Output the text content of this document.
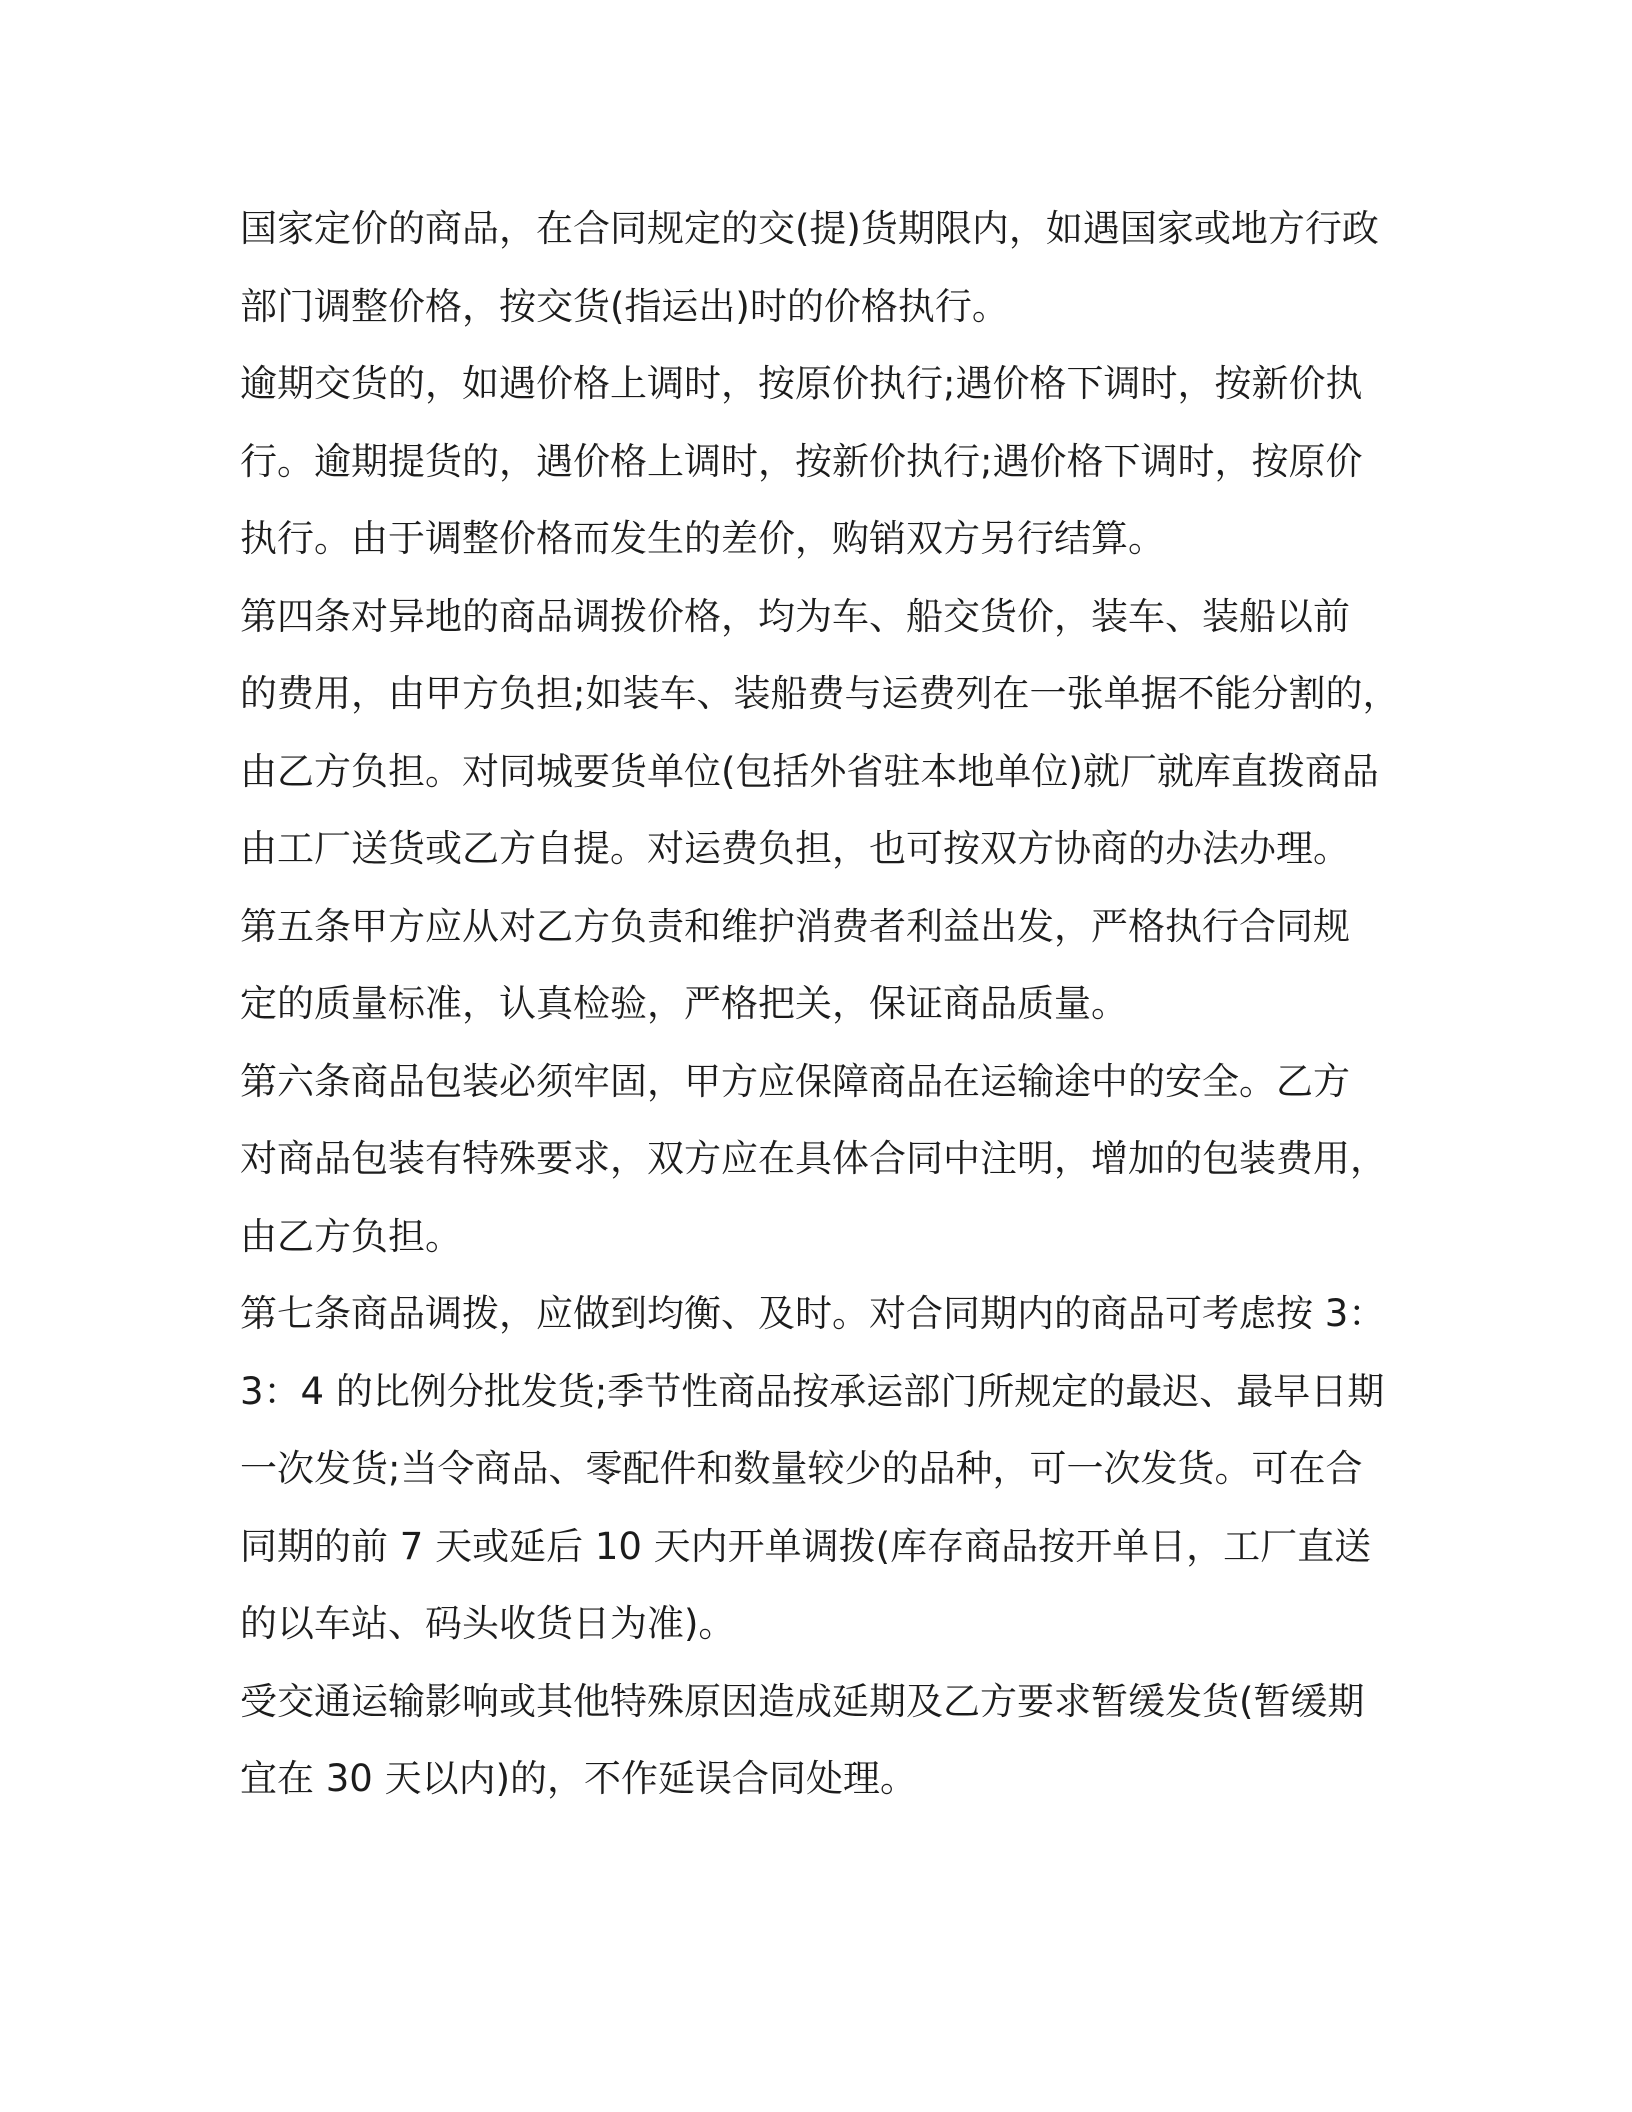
国家定价的商品，在合同规定的交(提)货期限内，如遇国家或地方行政
部门调整价格，按交货(指运出)时的价格执行。
逾期交货的，如遇价格上调时，按原价执行;遇价格下调时，按新价执
行。逾期提货的，遇价格上调时，按新价执行;遇价格下调时，按原价
执行。由于调整价格而发生的差价，购销双方另行结算。
第四条对异地的商品调拨价格，均为车、船交货价，装车、装船以前
的费用，由甲方负担;如装车、装船费与运费列在一张单据不能分割的，
由乙方负担。对同城要货单位(包括外省驻本地单位)就厂就库直拨商品
由工厂送货或乙方自提。对运费负担，也可按双方协商的办法办理。
第五条甲方应从对乙方负责和维护消费者利益出发，严格执行合同规
定的质量标准，认真检验，严格把关，保证商品质量。
第六条商品包装必须牢固，甲方应保障商品在运输途中的安全。乙方
对商品包装有特殊要求，双方应在具体合同中注明，增加的包装费用，
由乙方负担。
第七条商品调拨，应做到均衡、及时。对合同期内的商品可考虑按 3：
3：4 的比例分批发货;季节性商品按承运部门所规定的最迟、最早日期
一次发货;当令商品、零配件和数量较少的品种，可一次发货。可在合
同期的前 7 天或延后 10 天内开单调拨(库存商品按开单日，工厂直送
的以车站、码头收货日为准)。
受交通运输影响或其他特殊原因造成延期及乙方要求暂缓发货(暂缓期
宜在 30 天以内)的，不作延误合同处理。
